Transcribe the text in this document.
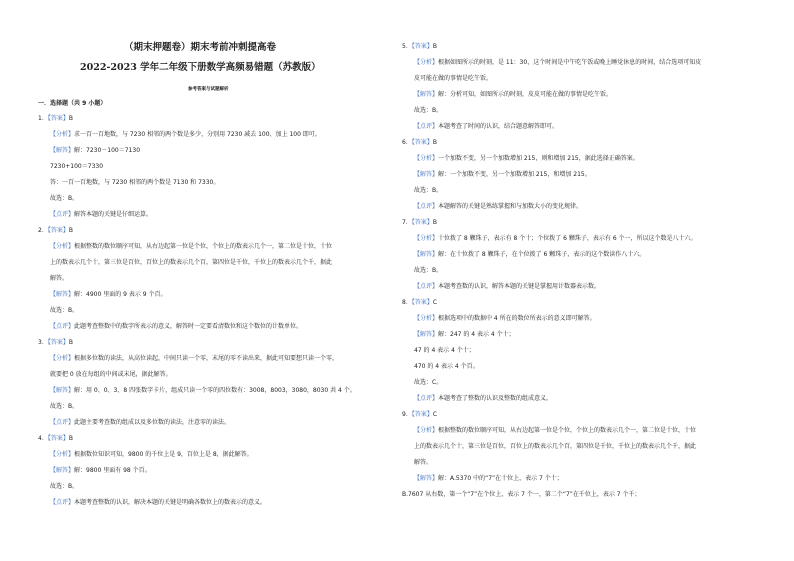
（期末押题卷）期末考前冲刺提高卷
2022-2023 学年二年级下册数学高频易错题（苏教版）
参考答案与试题解析
一．选择题（共 9 小题）
1．【答案】B
【分析】求一百一百地数，与 7230 相邻的两个数是多少，分别用 7230 减去 100、加上 100 即可。
【解答】解：7230－100＝7130
7230+100＝7330
答：一百一百地数，与 7230 相邻的两个数是 7130 和 7330。
故选：B。
【点评】解答本题的关键是仔细运算。
2．【答案】B
【分析】根据整数的数位顺序可知，从右边起第一位是个位，个位上的数表示几个一，第二位是十位，十位
上的数表示几个十，第三位是百位，百位上的数表示几个百，第四位是千位，千位上的数表示几个千，据此
解答。
【解答】解：4900 里面的 9 表示 9 个百。
故选：B。
【点评】此题考查整数中的数字所表示的意义，解答时一定要看清数位和这个数位的计数单位。
3．【答案】B
【分析】根据多位数的读法，从高位读起，中间只读一个零，末尾的零不读出来，据此可知要想只读一个零，
就要把 0 放在每组的中间或末尾，据此解答。
【解答】解：用 0、0、3、8 四张数字卡片，组成只读一个零的四位数有：3008，8003，3080，8030 共 4 个。
故选：B。
【点评】此题主要考查数的组成以及多位数的读法，注意零的读法。
4．【答案】B
【分析】根据数位知识可知，9800 的千位上是 9，百位上是 8，据此解答。
【解答】解：9800 里面有 98 个百。
故选：B。
【点评】本题考查整数的认识，解决本题的关键是明确各数位上的数表示的意义。
5．【答案】B
【分析】根据如图所示的时刻，是 11：30，这个时间是中午吃午饭或晚上睡觉休息的时间，结合选项可知皮
皮可能在做的事情是吃午饭。
【解答】解：分析可知，如图所示的时刻，皮皮可能在做的事情是吃午饭。
故选：B。
【点评】本题考查了时间的认识，结合题意解答即可。
6．【答案】B
【分析】一个加数不变，另一个加数增加 215，则和增加 215，据此选择正确答案。
【解答】解：一个加数不变，另一个加数增加 215，和增加 215。
故选：B。
【点评】本题解答的关键是熟练掌握和与加数大小的变化规律。
7．【答案】B
【分析】十位拨了 8 颗珠子，表示有 8 个十；个位拨了 6 颗珠子，表示有 6 个一，所以这个数是八十六。
【解答】解：在十位拨了 8 颗珠子，在个位拨了 6 颗珠子，表示的这个数读作八十六。
故选：B。
【点评】本题考查数的认识，解答本题的关键是掌握用计数器表示数。
8．【答案】C
【分析】根据选项中的数据中 4 所在的数位所表示的意义即可解答。
【解答】解：247 的 4 表示 4 个十；
47 的 4 表示 4 个十；
470 的 4 表示 4 个百。
故选：C。
【点评】本题考查了整数的认识及整数的组成意义。
9．【答案】C
【分析】根据整数的数位顺序可知，从右边起第一位是个位，个位上的数表示几个一，第二位是十位，十位
上的数表示几个十，第三位是百位，百位上的数表示几个百，第四位是千位，千位上的数表示几个千，据此
解答。
【解答】解：A.5370 中的“7”在十位上，表示 7 个十；
B.7607 从右数，第一个“7”在个位上，表示 7 个一，第二个“7”在千位上，表示 7 个千；
